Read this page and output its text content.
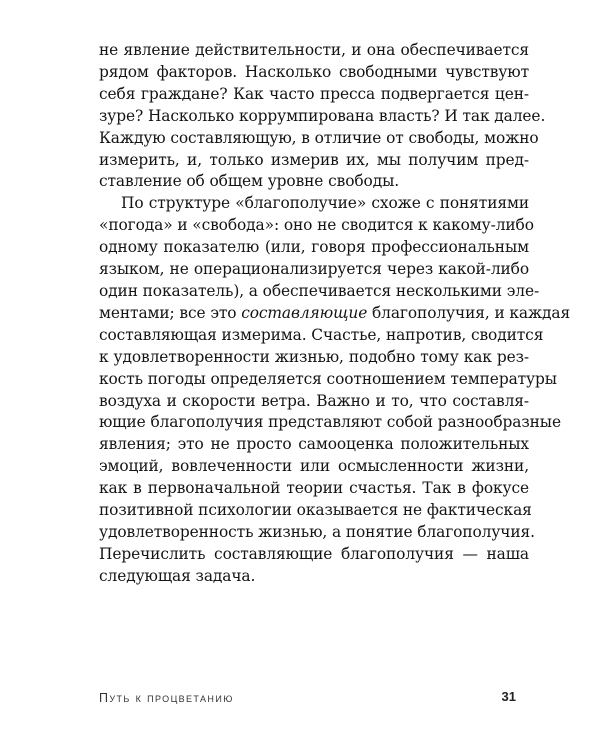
не явление действительности, и она обеспечивается
рядом факторов. Насколько свободными чувствуют
себя граждане? Как часто пресса подвергается цен-
зуре? Насколько коррумпирована власть? И так далее.
Каждую составляющую, в отличие от свободы, можно
измерить, и, только измерив их, мы получим пред-
ставление об общем уровне свободы.
По структуре «благополучие» схоже с понятиями
«погода» и «свобода»: оно не сводится к какому-либо
одному показателю (или, говоря профессиональным
языком, не операционализируется через какой-либо
один показатель), а обеспечивается несколькими эле-
ментами; все это составляющие благополучия, и каждая
составляющая измерима. Счастье, напротив, сводится
к удовлетворенности жизнью, подобно тому как рез-
кость погоды определяется соотношением температуры
воздуха и скорости ветра. Важно и то, что составля-
ющие благополучия представляют собой разнообразные
явления; это не просто самооценка положительных
эмоций, вовлеченности или осмысленности жизни,
как в первоначальной теории счастья. Так в фокусе
позитивной психологии оказывается не фактическая
удовлетворенность жизнью, а понятие благополучия.
Перечислить составляющие благополучия — наша
следующая задача.
Путь к процветанию	31
